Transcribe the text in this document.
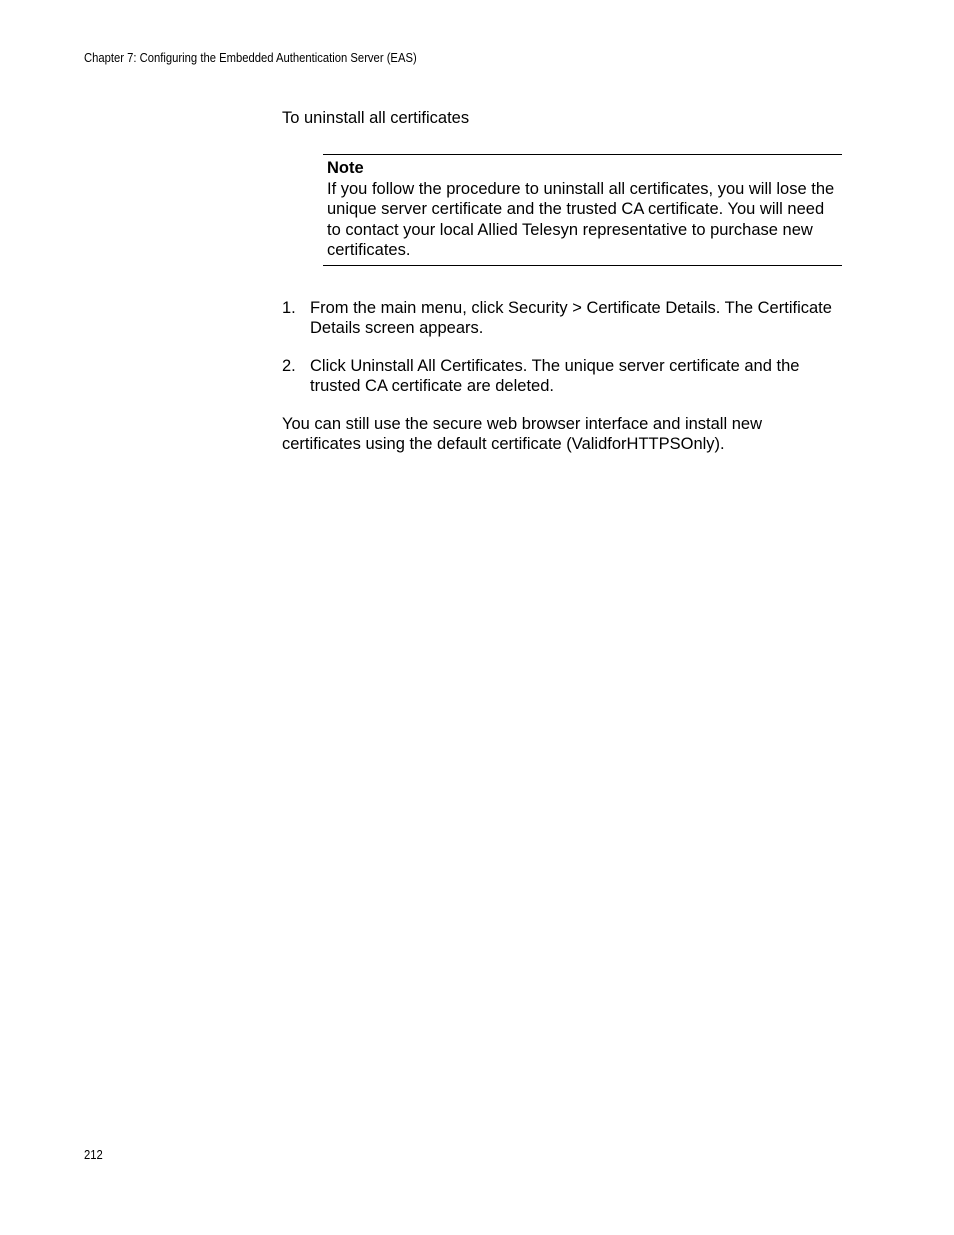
Chapter 7: Configuring the Embedded Authentication Server (EAS)
To uninstall all certificates
Note
If you follow the procedure to uninstall all certificates, you will lose the unique server certificate and the trusted CA certificate. You will need to contact your local Allied Telesyn representative to purchase new certificates.
1. From the main menu, click Security > Certificate Details. The Certificate Details screen appears.
2. Click Uninstall All Certificates. The unique server certificate and the trusted CA certificate are deleted.

You can still use the secure web browser interface and install new certificates using the default certificate (ValidforHTTPSOnly).

212
